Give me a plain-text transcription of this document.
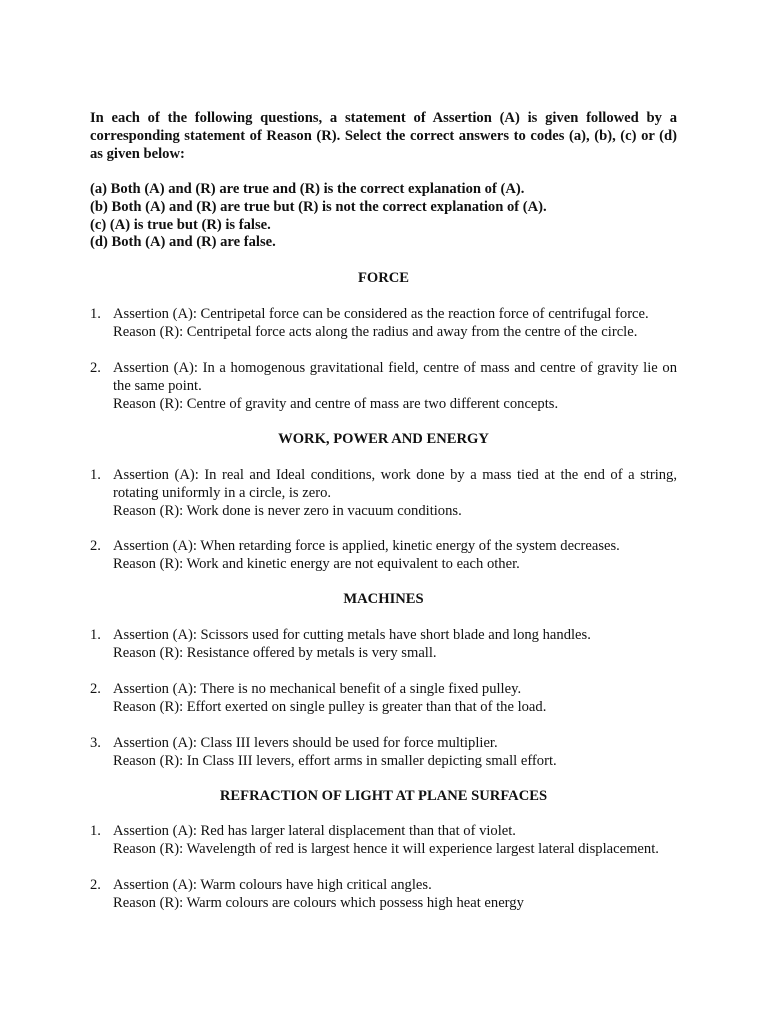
In each of the following questions, a statement of Assertion (A) is given followed by a corresponding statement of Reason (R). Select the correct answers to codes (a), (b), (c) or (d) as given below:

(a) Both (A) and (R) are true and (R) is the correct explanation of (A).
(b) Both (A) and (R) are true but (R) is not the correct explanation of (A).
(c) (A) is true but (R) is false.
(d) Both (A) and (R) are false.
FORCE
1. Assertion (A): Centripetal force can be considered as the reaction force of centrifugal force.
Reason (R): Centripetal force acts along the radius and away from the centre of the circle.
2. Assertion (A): In a homogenous gravitational field, centre of mass and centre of gravity lie on the same point.
Reason (R): Centre of gravity and centre of mass are two different concepts.
WORK, POWER AND ENERGY
1. Assertion (A): In real and Ideal conditions, work done by a mass tied at the end of a string, rotating uniformly in a circle, is zero.
Reason (R): Work done is never zero in vacuum conditions.
2. Assertion (A): When retarding force is applied, kinetic energy of the system decreases.
Reason (R): Work and kinetic energy are not equivalent to each other.
MACHINES
1. Assertion (A): Scissors used for cutting metals have short blade and long handles.
Reason (R): Resistance offered by metals is very small.
2. Assertion (A): There is no mechanical benefit of a single fixed pulley.
Reason (R): Effort exerted on single pulley is greater than that of the load.
3. Assertion (A): Class III levers should be used for force multiplier.
Reason (R): In Class III levers, effort arms in smaller depicting small effort.
REFRACTION OF LIGHT AT PLANE SURFACES
1. Assertion (A): Red has larger lateral displacement than that of violet.
Reason (R): Wavelength of red is largest hence it will experience largest lateral displacement.
2. Assertion (A): Warm colours have high critical angles.
Reason (R): Warm colours are colours which possess high heat energy
